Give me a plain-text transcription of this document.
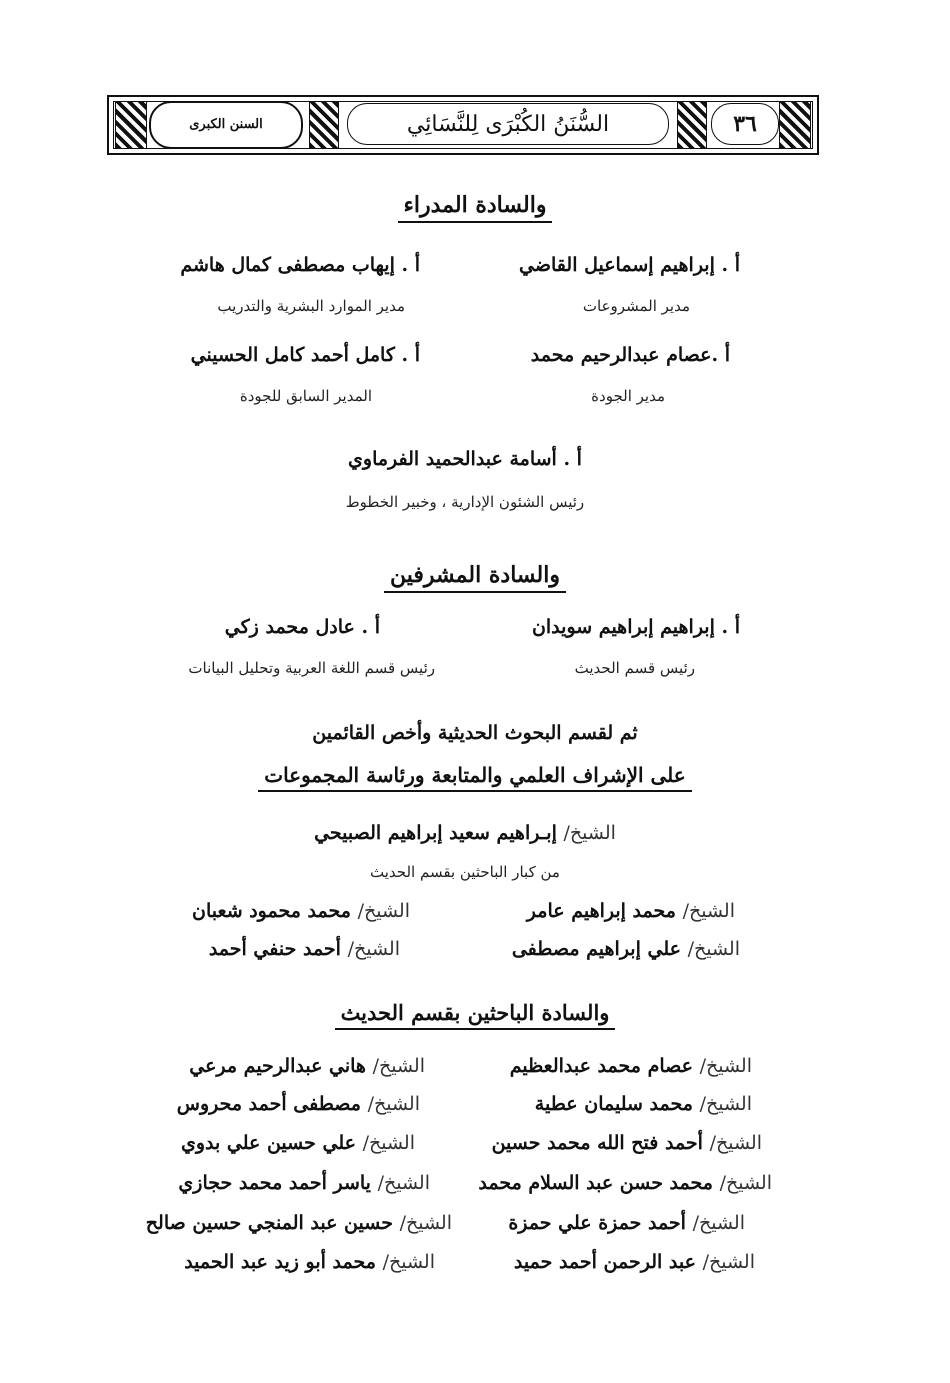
السنن الكبرى	السُّنَنُ الكُبْرَى لِلنَّسَائِي	٣٦
والسادة المدراء
أ . إبراهيم إسماعيل القاضي
مدير المشروعات
أ . إيهاب مصطفى كمال هاشم
مدير الموارد البشرية والتدريب
أ .عصام عبدالرحيم محمد
مدير الجودة
أ . كامل أحمد كامل الحسيني
المدير السابق للجودة
أ . أسامة عبدالحميد الفرماوي
رئيس الشئون الإدارية ، وخبير الخطوط
والسادة المشرفين
أ . إبراهيم إبراهيم سويدان
رئيس قسم الحديث
أ . عادل محمد زكي
رئيس قسم اللغة العربية وتحليل البيانات
ثم لقسم البحوث الحديثية وأخص القائمين
على الإشراف العلمي والمتابعة ورئاسة المجموعات
الشيخ/ إبـراهيم سعيد إبراهيم الصبيحي
من كبار الباحثين بقسم الحديث
الشيخ/ محمد إبراهيم عامر
الشيخ/ محمد محمود شعبان
الشيخ/ علي إبراهيم مصطفى
الشيخ/ أحمد حنفي أحمد
والسادة الباحثين بقسم الحديث
الشيخ/ عصام محمد عبدالعظيم
الشيخ/ محمد سليمان عطية
الشيخ/ أحمد فتح الله محمد حسين
الشيخ/ محمد حسن عبد السلام محمد
الشيخ/ أحمد حمزة علي حمزة
الشيخ/ عبد الرحمن أحمد حميد
الشيخ/ هاني عبدالرحيم مرعي
الشيخ/ مصطفى أحمد محروس
الشيخ/ علي حسين علي بدوي
الشيخ/ ياسر أحمد محمد حجازي
الشيخ/ حسين عبد المنجي حسين صالح
الشيخ/ محمد أبو زيد عبد الحميد
